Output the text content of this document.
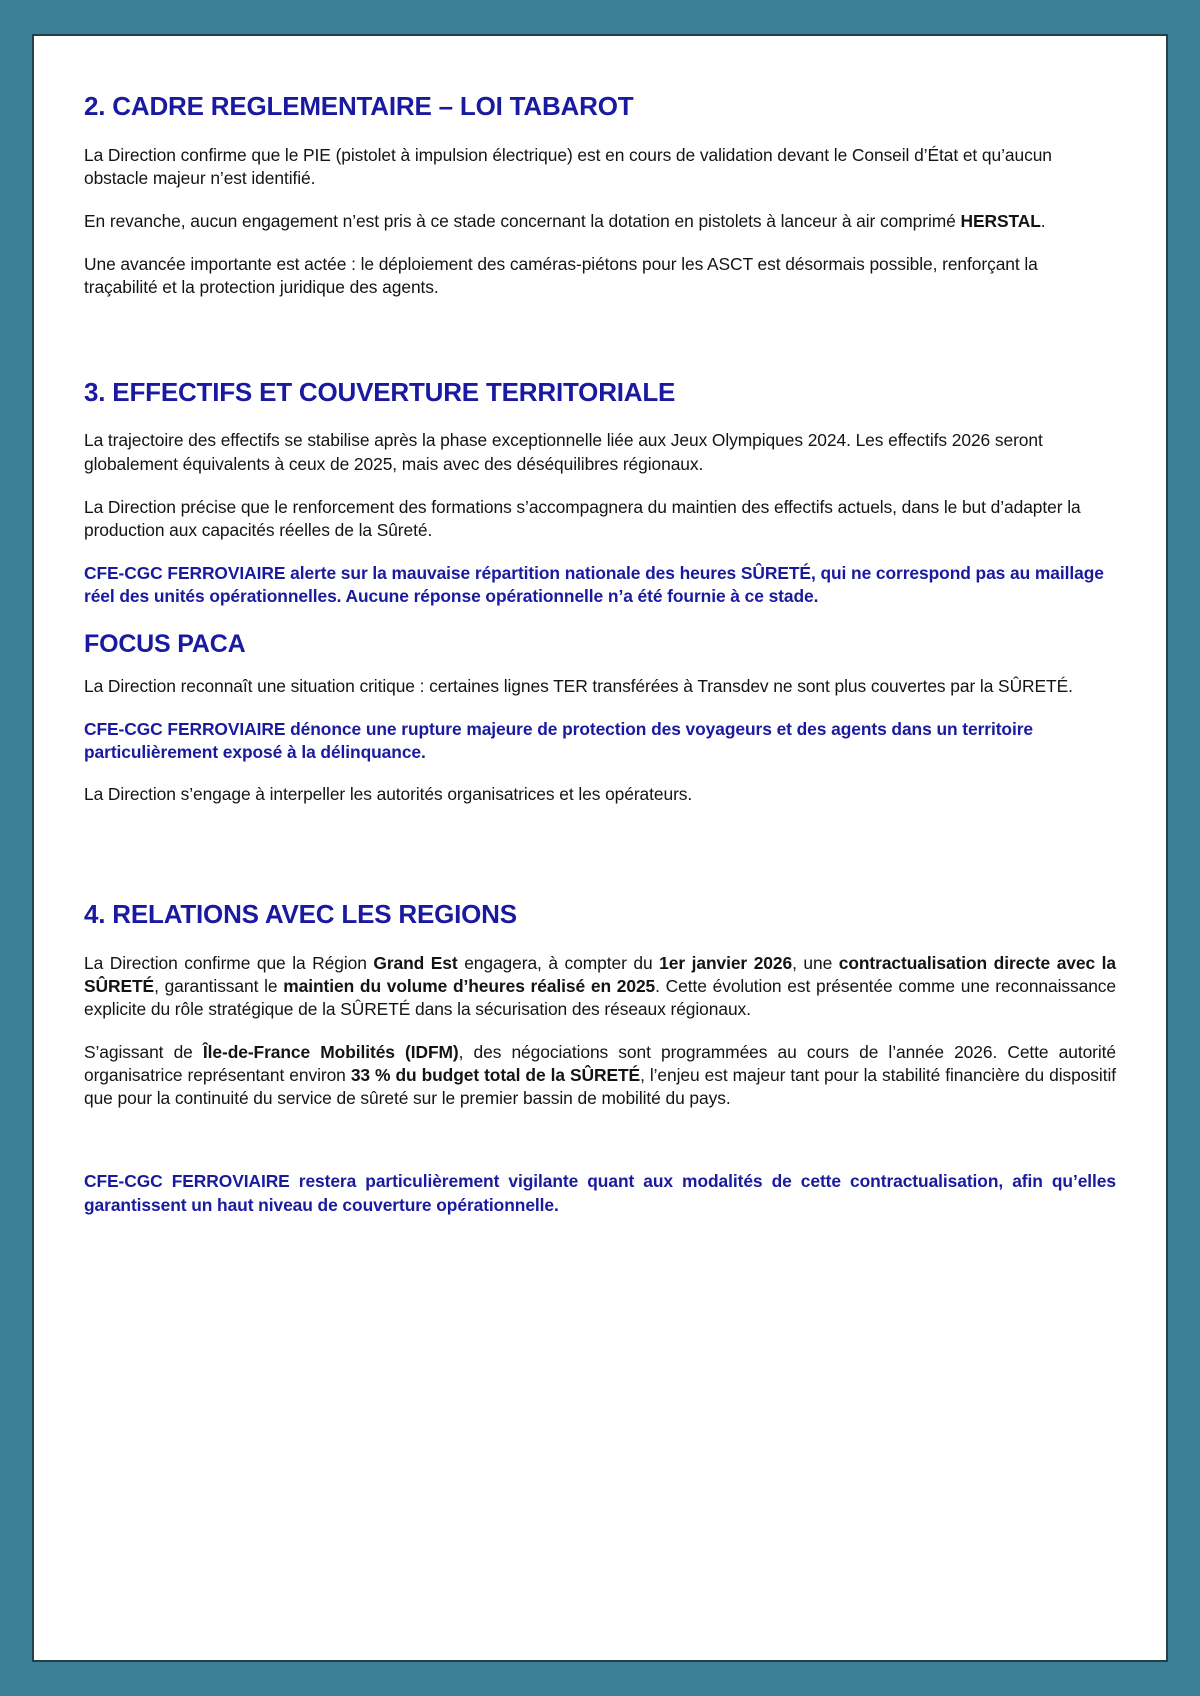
2. CADRE REGLEMENTAIRE – LOI TABAROT

La Direction confirme que le PIE (pistolet à impulsion électrique) est en cours de validation devant le Conseil d’État et qu’aucun obstacle majeur n’est identifié.

En revanche, aucun engagement n’est pris à ce stade concernant la dotation en pistolets à lanceur à air comprimé HERSTAL.

Une avancée importante est actée : le déploiement des caméras-piétons pour les ASCT est désormais possible, renforçant la traçabilité et la protection juridique des agents.

3. EFFECTIFS ET COUVERTURE TERRITORIALE

La trajectoire des effectifs se stabilise après la phase exceptionnelle liée aux Jeux Olympiques 2024. Les effectifs 2026 seront globalement équivalents à ceux de 2025, mais avec des déséquilibres régionaux.

La Direction précise que le renforcement des formations s’accompagnera du maintien des effectifs actuels, dans le but d’adapter la production aux capacités réelles de la Sûreté.

CFE-CGC FERROVIAIRE alerte sur la mauvaise répartition nationale des heures SÛRETÉ, qui ne correspond pas au maillage réel des unités opérationnelles. Aucune réponse opérationnelle n’a été fournie à ce stade.

FOCUS PACA

La Direction reconnaît une situation critique : certaines lignes TER transférées à Transdev ne sont plus couvertes par la SÛRETÉ.

CFE-CGC FERROVIAIRE dénonce une rupture majeure de protection des voyageurs et des agents dans un territoire particulièrement exposé à la délinquance.

La Direction s’engage à interpeller les autorités organisatrices et les opérateurs.

4. RELATIONS AVEC LES REGIONS

La Direction confirme que la Région Grand Est engagera, à compter du 1er janvier 2026, une contractualisation directe avec la SÛRETÉ, garantissant le maintien du volume d’heures réalisé en 2025. Cette évolution est présentée comme une reconnaissance explicite du rôle stratégique de la SÛRETÉ dans la sécurisation des réseaux régionaux.

S’agissant de Île-de-France Mobilités (IDFM), des négociations sont programmées au cours de l’année 2026. Cette autorité organisatrice représentant environ 33 % du budget total de la SÛRETÉ, l’enjeu est majeur tant pour la stabilité financière du dispositif que pour la continuité du service de sûreté sur le premier bassin de mobilité du pays.

CFE-CGC FERROVIAIRE restera particulièrement vigilante quant aux modalités de cette contractualisation, afin qu’elles garantissent un haut niveau de couverture opérationnelle.
